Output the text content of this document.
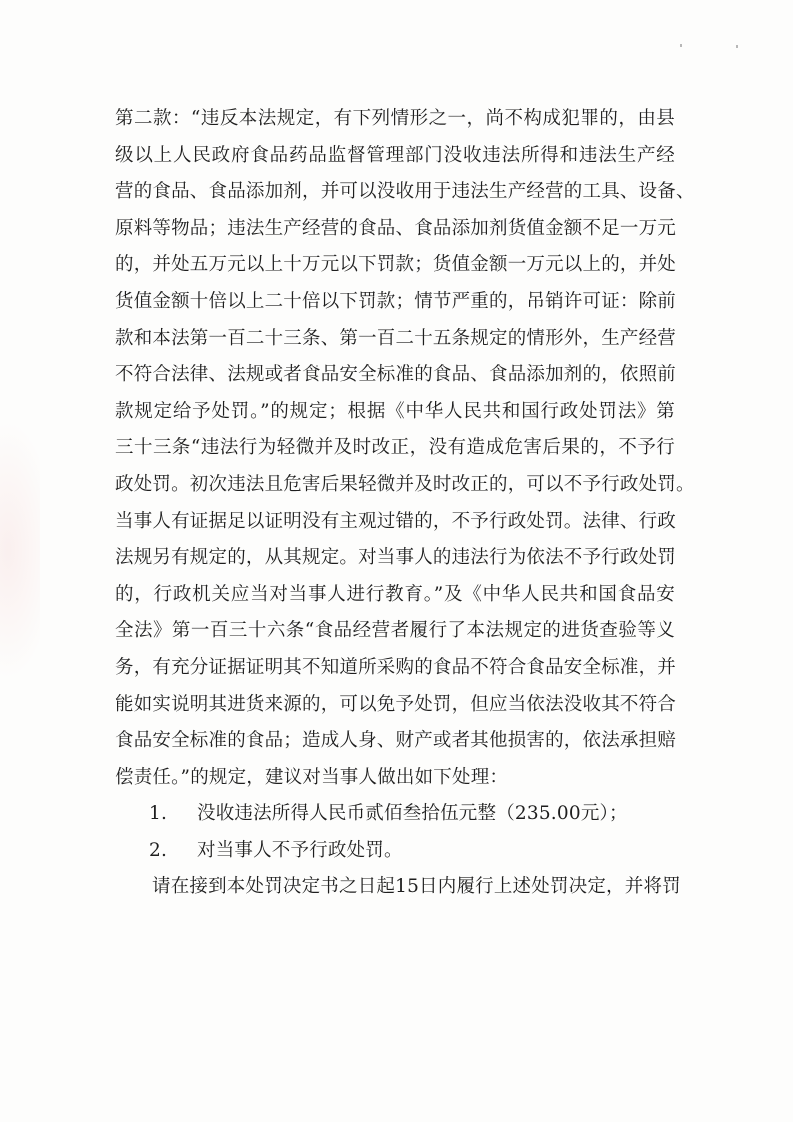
第二款：“违反本法规定，有下列情形之一，尚不构成犯罪的，由县
级以上人民政府食品药品监督管理部门没收违法所得和违法生产经
营的食品、食品添加剂，并可以没收用于违法生产经营的工具、设备、
原料等物品；违法生产经营的食品、食品添加剂货值金额不足一万元
的，并处五万元以上十万元以下罚款；货值金额一万元以上的，并处
货值金额十倍以上二十倍以下罚款；情节严重的，吊销许可证：除前
款和本法第一百二十三条、第一百二十五条规定的情形外，生产经营
不符合法律、法规或者食品安全标准的食品、食品添加剂的，依照前
款规定给予处罚。”的规定；根据《中华人民共和国行政处罚法》第
三十三条“违法行为轻微并及时改正，没有造成危害后果的，不予行
政处罚。初次违法且危害后果轻微并及时改正的，可以不予行政处罚。
当事人有证据足以证明没有主观过错的，不予行政处罚。法律、行政
法规另有规定的，从其规定。对当事人的违法行为依法不予行政处罚
的，行政机关应当对当事人进行教育。”及《中华人民共和国食品安
全法》第一百三十六条“食品经营者履行了本法规定的进货查验等义
务，有充分证据证明其不知道所采购的食品不符合食品安全标准，并
能如实说明其进货来源的，可以免予处罚，但应当依法没收其不符合
食品安全标准的食品；造成人身、财产或者其他损害的，依法承担赔
偿责任。”的规定，建议对当事人做出如下处理：
1. 没收违法所得人民币贰佰叁拾伍元整（235.00元）；
2. 对当事人不予行政处罚。
请在接到本处罚决定书之日起15日内履行上述处罚决定，并将罚
